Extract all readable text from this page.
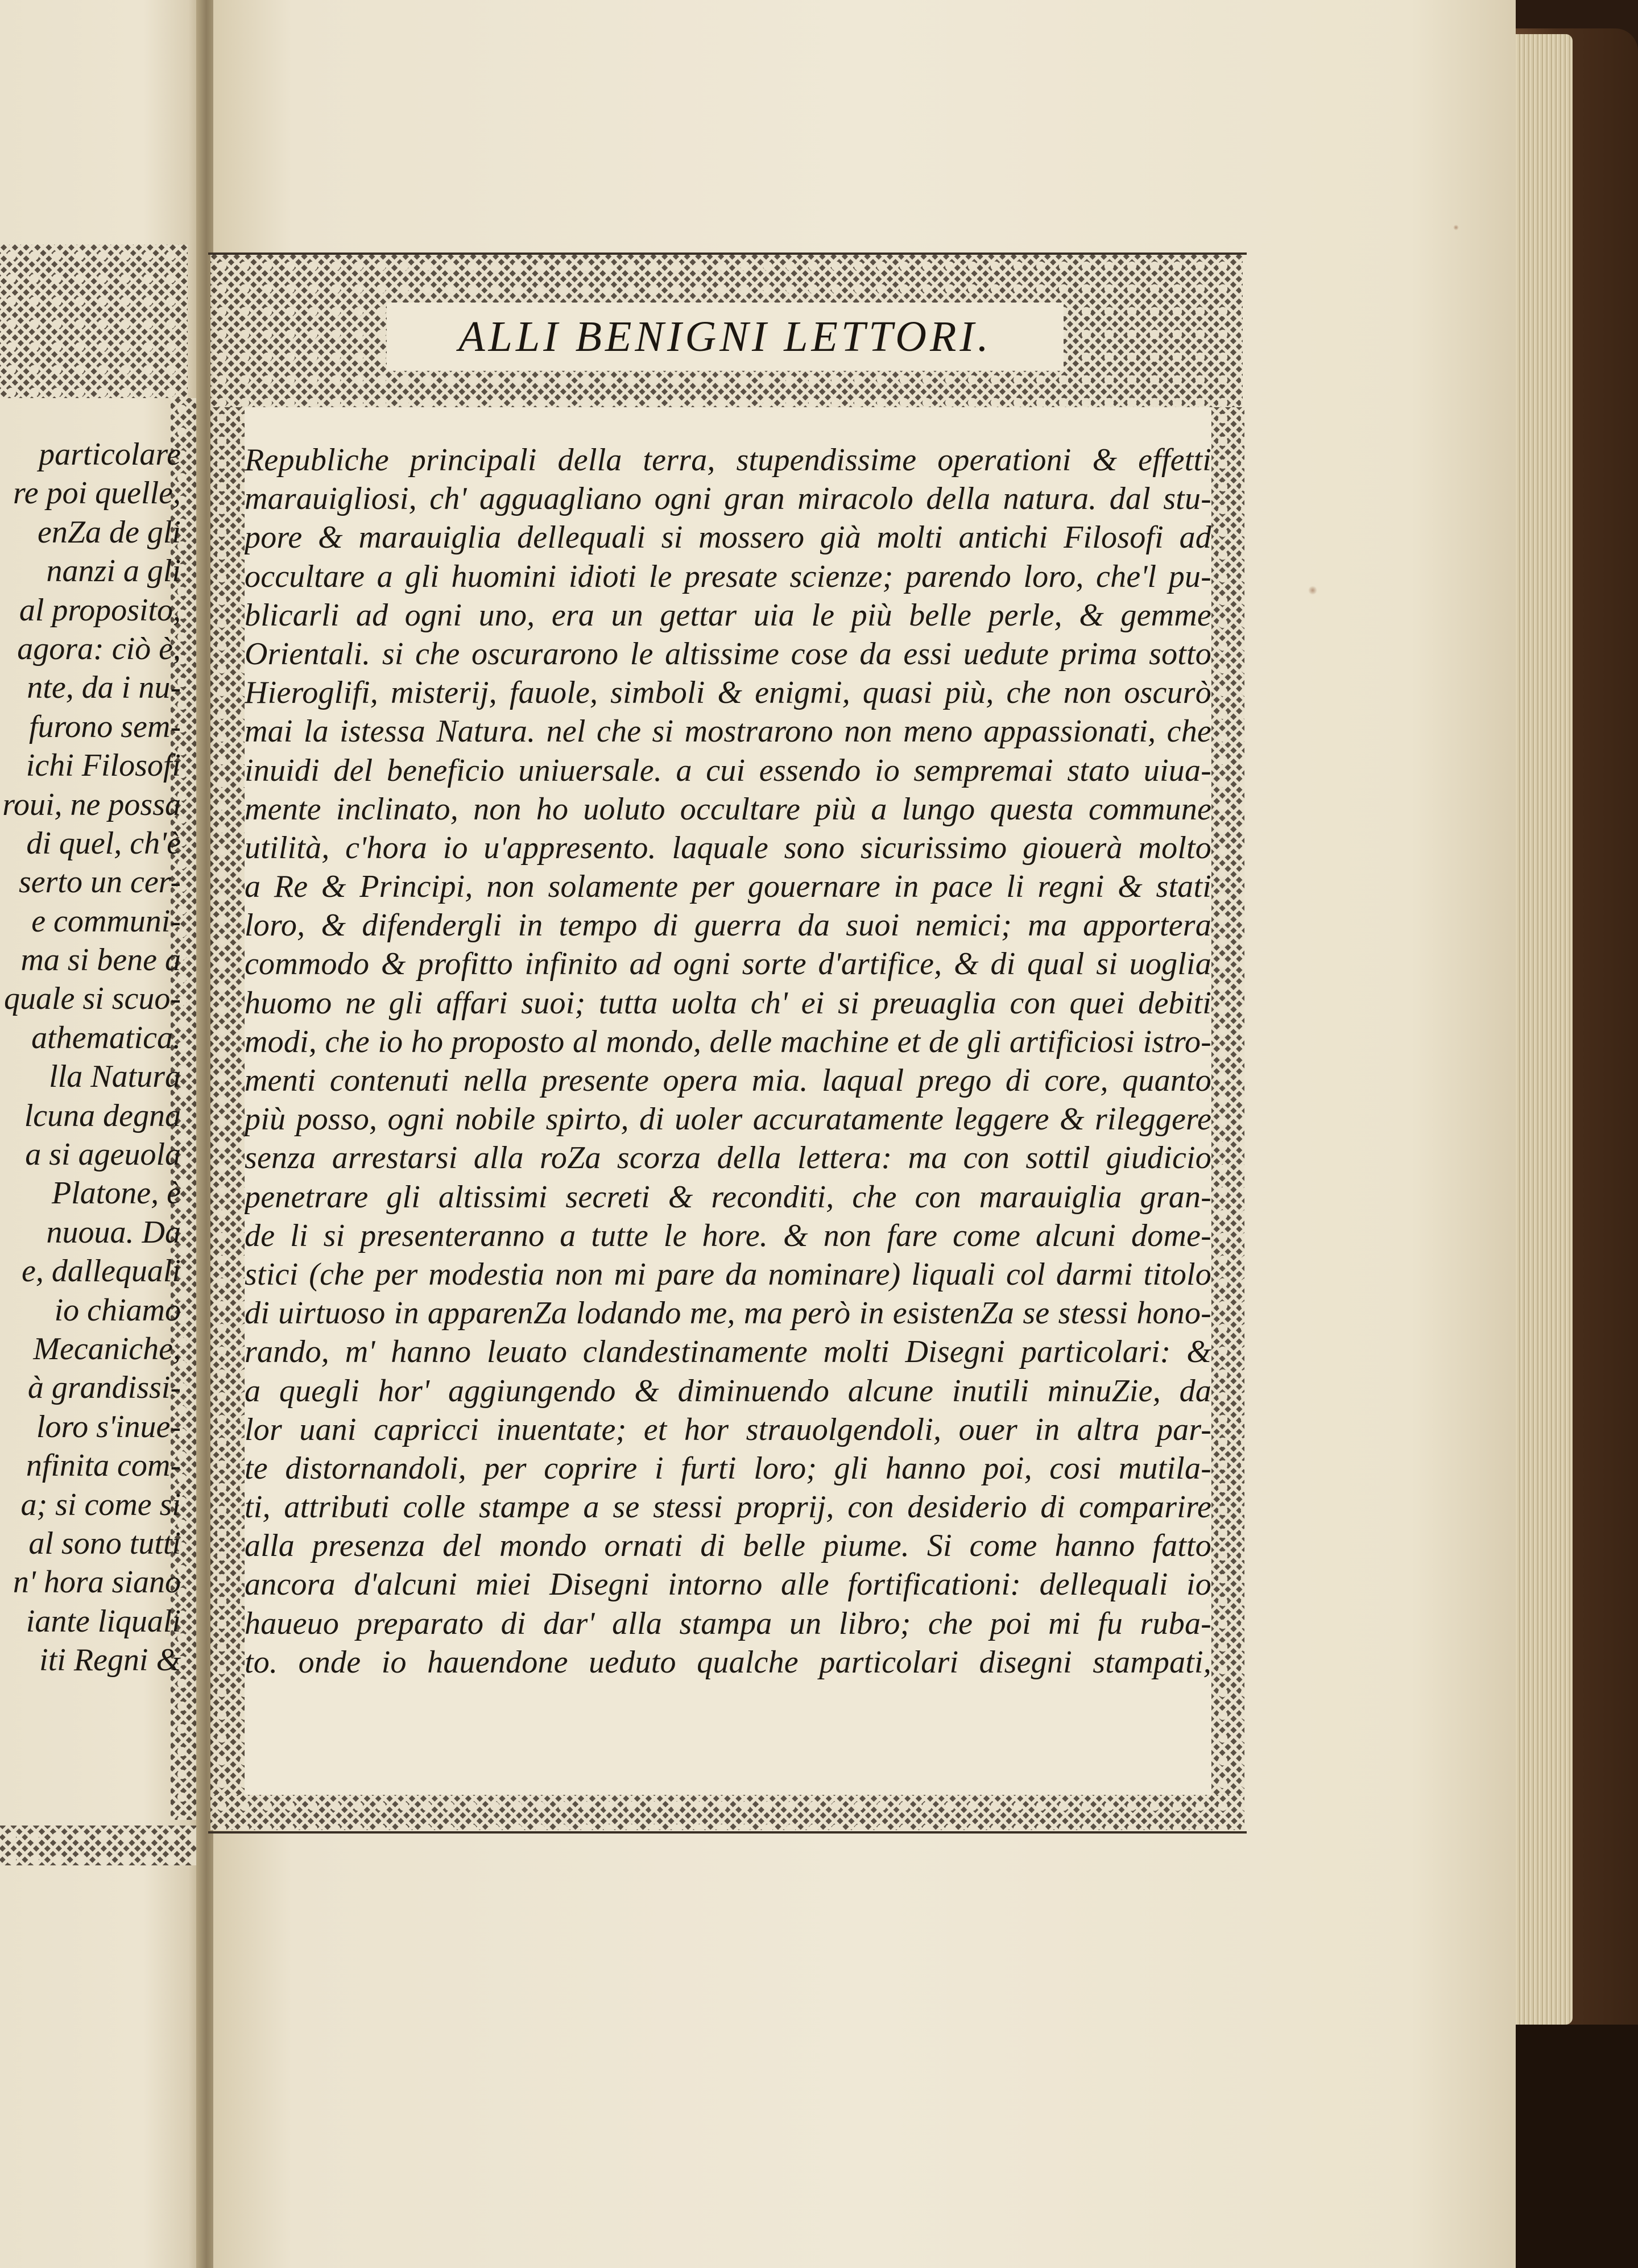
particolare
re poi quelle,
enZa de gli
nanzi a gli
al proposito,
agora: ciò è,
nte, da i nu-
furono sem-
ichi Filosofi
roui, ne possa
di quel, ch'è
serto un cer-
e communi-
ma si bene a
quale si scuo-
athematica.
lla Natura
lcuna degna
a si ageuola
Platone, è
nuoua. Da
e, dallequali
io chiamo
Mecaniche,
à grandissi-
loro s'inue-
nfinita com-
a; si come si
al sono tutti
n' hora siano
iante liquali
iti Regni &
ALLI BENIGNI LETTORI.
Republiche principali della terra, stupendissime operationi & effetti
marauigliosi, ch' agguagliano ogni gran miracolo della natura. dal stu-
pore & marauiglia dellequali si mossero già molti antichi Filosofi ad
occultare a gli huomini idioti le presate scienze; parendo loro, che'l pu-
blicarli ad ogni uno, era un gettar uia le più belle perle, & gemme
Orientali. si che oscurarono le altissime cose da essi uedute prima sotto
Hieroglifi, misterij, fauole, simboli & enigmi, quasi più, che non oscurò
mai la istessa Natura. nel che si mostrarono non meno appassionati, che
inuidi del beneficio uniuersale. a cui essendo io sempremai stato uiua-
mente inclinato, non ho uoluto occultare più a lungo questa commune
utilità, c'hora io u'appresento. laquale sono sicurissimo giouerà molto
a Re & Principi, non solamente per gouernare in pace li regni & stati
loro, & difendergli in tempo di guerra da suoi nemici; ma apportera
commodo & profitto infinito ad ogni sorte d'artifice, & di qual si uoglia
huomo ne gli affari suoi; tutta uolta ch' ei si preuaglia con quei debiti
modi, che io ho proposto al mondo, delle machine et de gli artificiosi istro-
menti contenuti nella presente opera mia. laqual prego di core, quanto
più posso, ogni nobile spirto, di uoler accuratamente leggere & rileggere
senza arrestarsi alla roZa scorza della lettera: ma con sottil giudicio
penetrare gli altissimi secreti & reconditi, che con marauiglia gran-
de li si presenteranno a tutte le hore. & non fare come alcuni dome-
stici (che per modestia non mi pare da nominare) liquali col darmi titolo
di uirtuoso in apparenZa lodando me, ma però in esistenZa se stessi hono-
rando, m' hanno leuato clandestinamente molti Disegni particolari: &
a quegli hor' aggiungendo & diminuendo alcune inutili minuZie, da
lor uani capricci inuentate; et hor strauolgendoli, ouer in altra par-
te distornandoli, per coprire i furti loro; gli hanno poi, cosi mutila-
ti, attributi colle stampe a se stessi proprij, con desiderio di comparire
alla presenza del mondo ornati di belle piume. Si come hanno fatto
ancora d'alcuni miei Disegni intorno alle fortificationi: dellequali io
haueuo preparato di dar' alla stampa un libro; che poi mi fu ruba-
to. onde io hauendone ueduto qualche particolari disegni stampati,
